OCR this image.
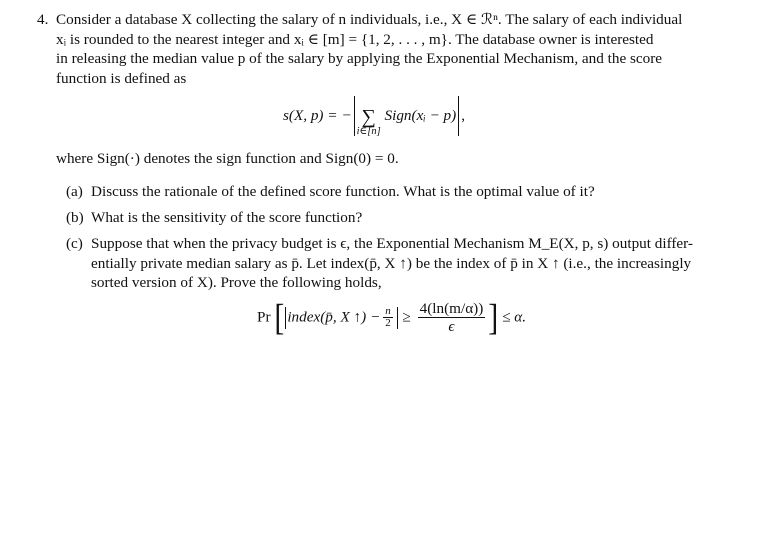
4. Consider a database X collecting the salary of n individuals, i.e., X ∈ ℛⁿ. The salary of each individual
xᵢ is rounded to the nearest integer and xᵢ ∈ [m] = {1, 2, . . . , m}. The database owner is interested
in releasing the median value p of the salary by applying the Exponential Mechanism, and the score
function is defined as
s(X, p) = − ∑
i∈[n]
Sign(xᵢ − p) ,
where Sign(·) denotes the sign function and Sign(0) = 0.
(a) Discuss the rationale of the defined score function. What is the optimal value of it?
(b) What is the sensitivity of the score function?
(c) Suppose that when the privacy budget is ϵ, the Exponential Mechanism M_E(X, p, s) output differ-
entially private median salary as p̄. Let index(p̄, X ↑) be the index of p̄ in X ↑ (i.e., the increasingly
sorted version of X). Prove the following holds,
Pr [ index(p̄, X ↑) − $\frac{n}{2} \ge \frac{4(\ln(m/\alpha))}{\epsilon}$ ] ≤ α.
